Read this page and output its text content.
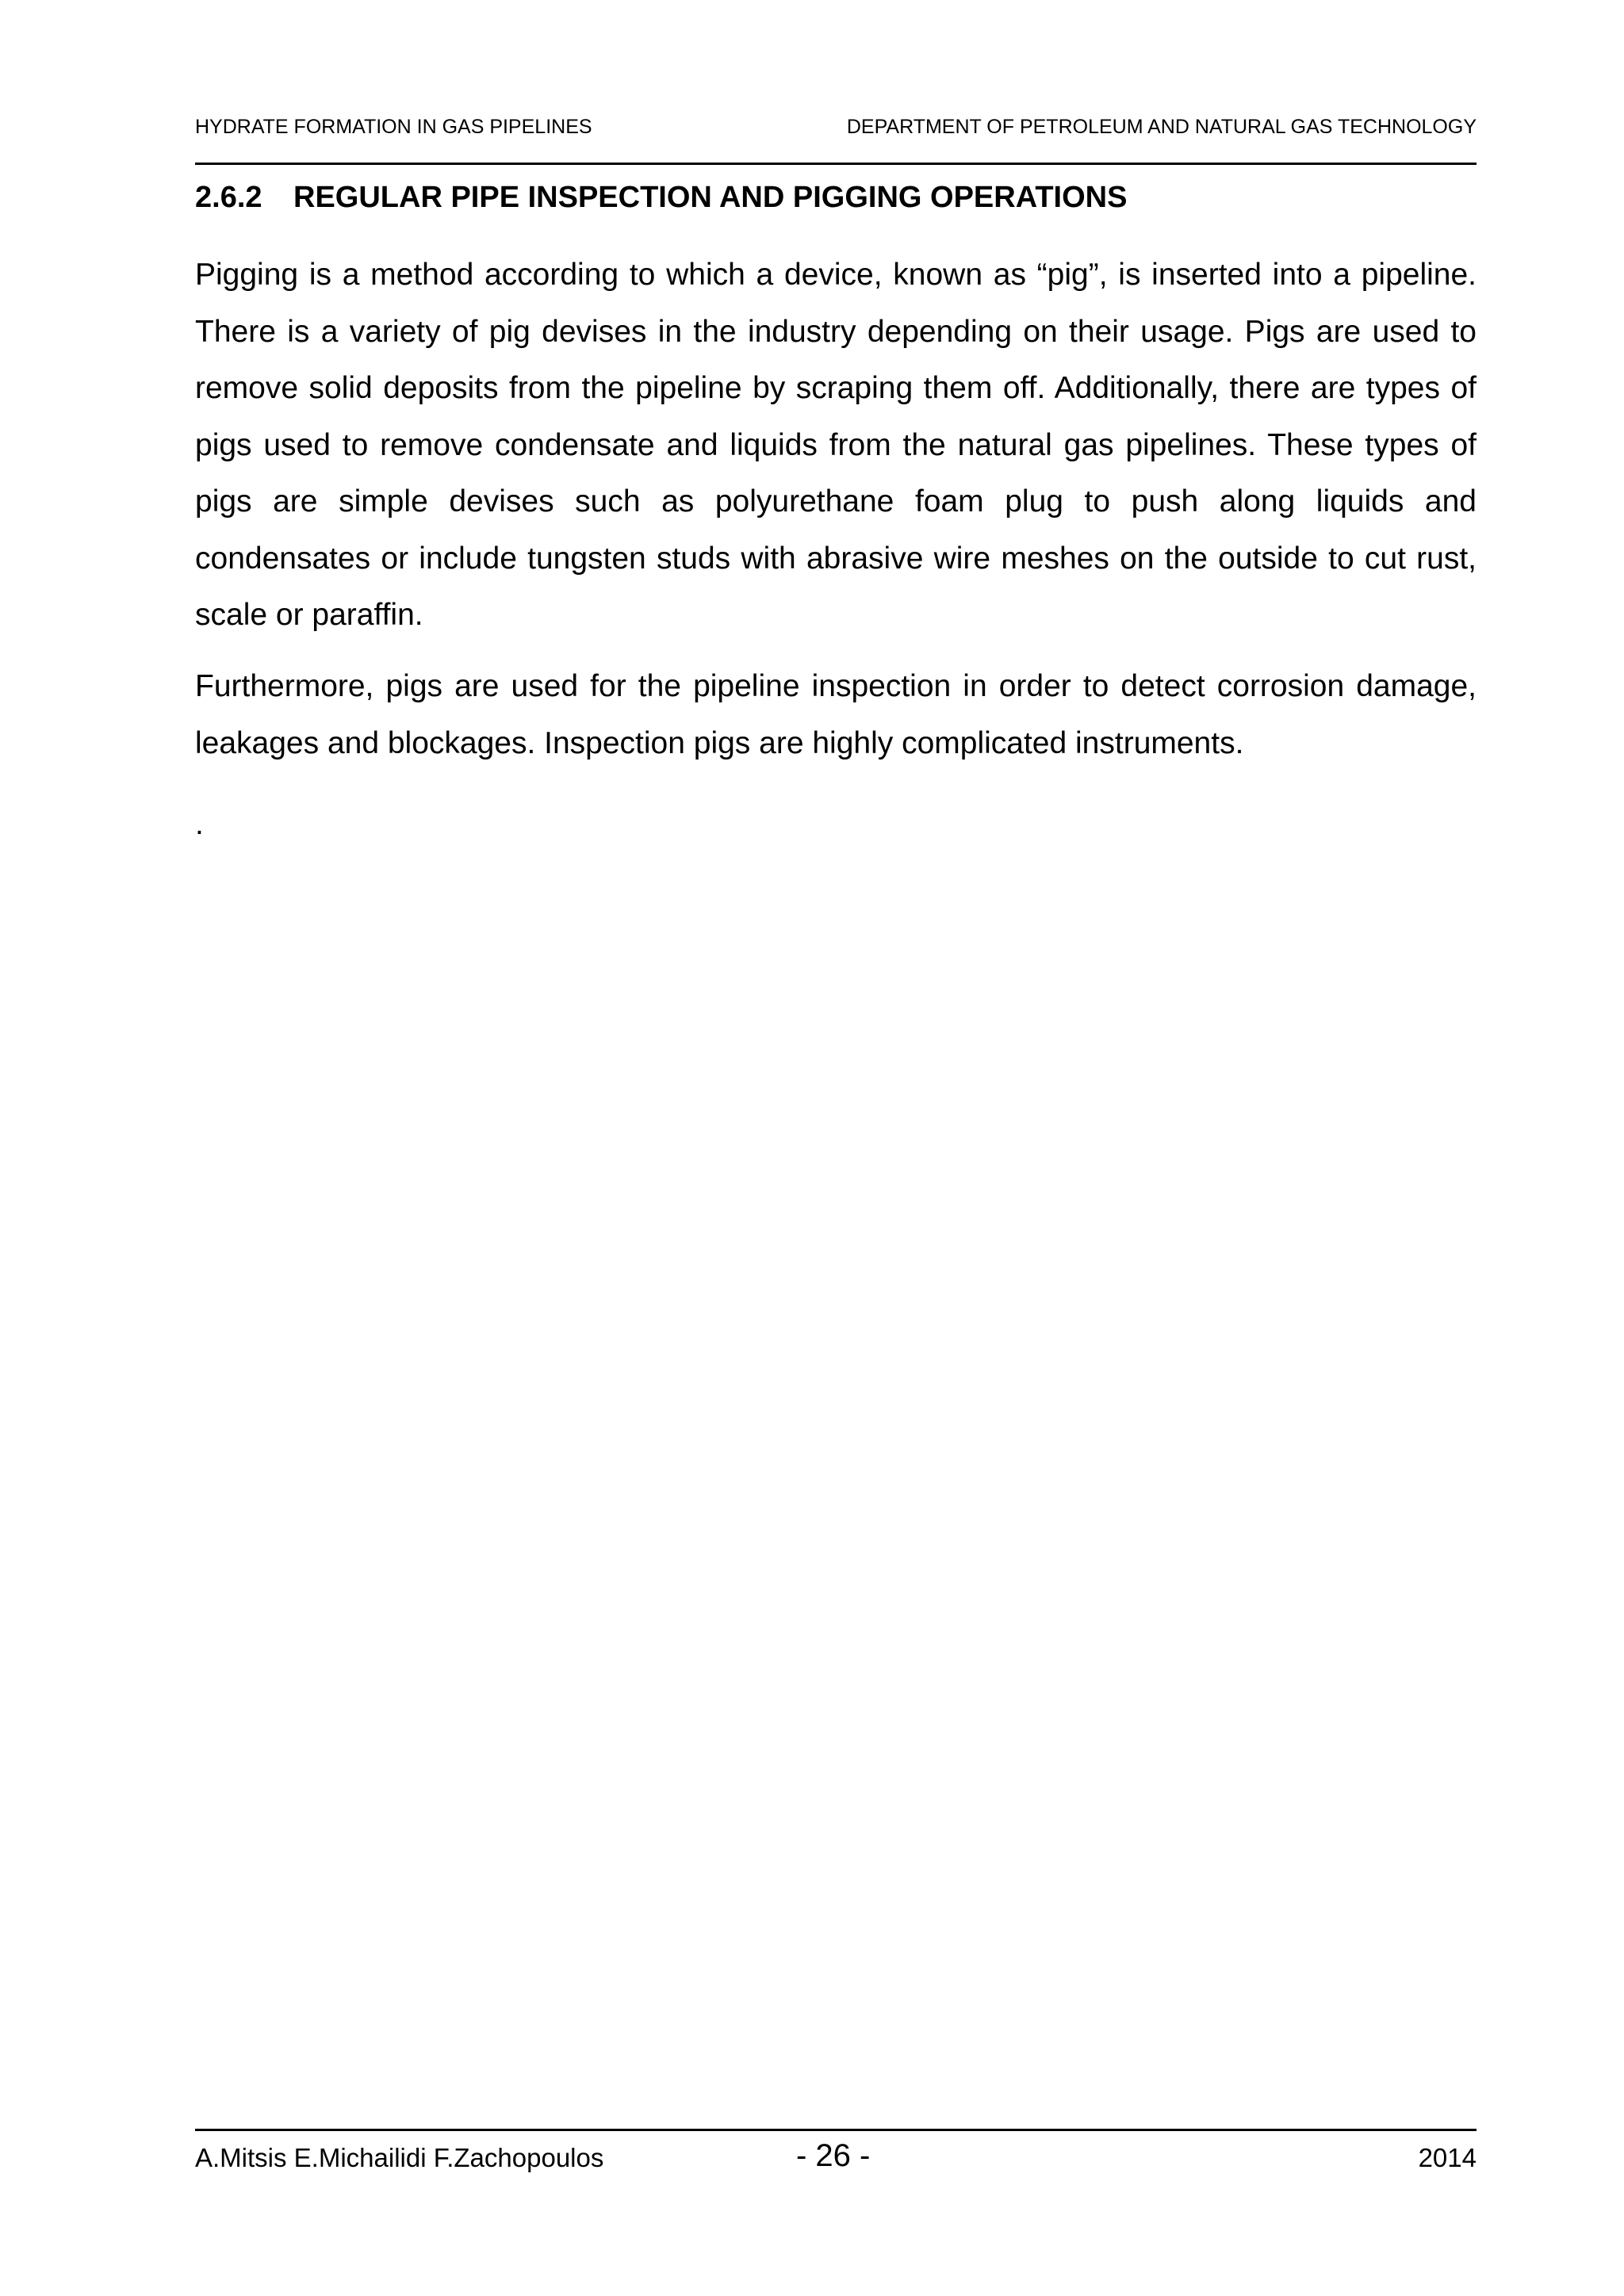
HYDRATE FORMATION IN GAS PIPELINES	DEPARTMENT OF PETROLEUM AND NATURAL GAS TECHNOLOGY
2.6.2 REGULAR PIPE INSPECTION AND PIGGING OPERATIONS

Pigging is a method according to which a device, known as “pig”, is inserted into a pipeline. There is a variety of pig devises in the industry depending on their usage. Pigs are used to remove solid deposits from the pipeline by scraping them off. Additionally, there are types of pigs used to remove condensate and liquids from the natural gas pipelines. These types of pigs are simple devises such as polyurethane foam plug to push along liquids and condensates or include tungsten studs with abrasive wire meshes on the outside to cut rust, scale or paraffin.

Furthermore, pigs are used for the pipeline inspection in order to detect corrosion damage, leakages and blockages. Inspection pigs are highly complicated instruments.

.
A.Mitsis E.Michailidi F.Zachopoulos	- 26 -	2014
